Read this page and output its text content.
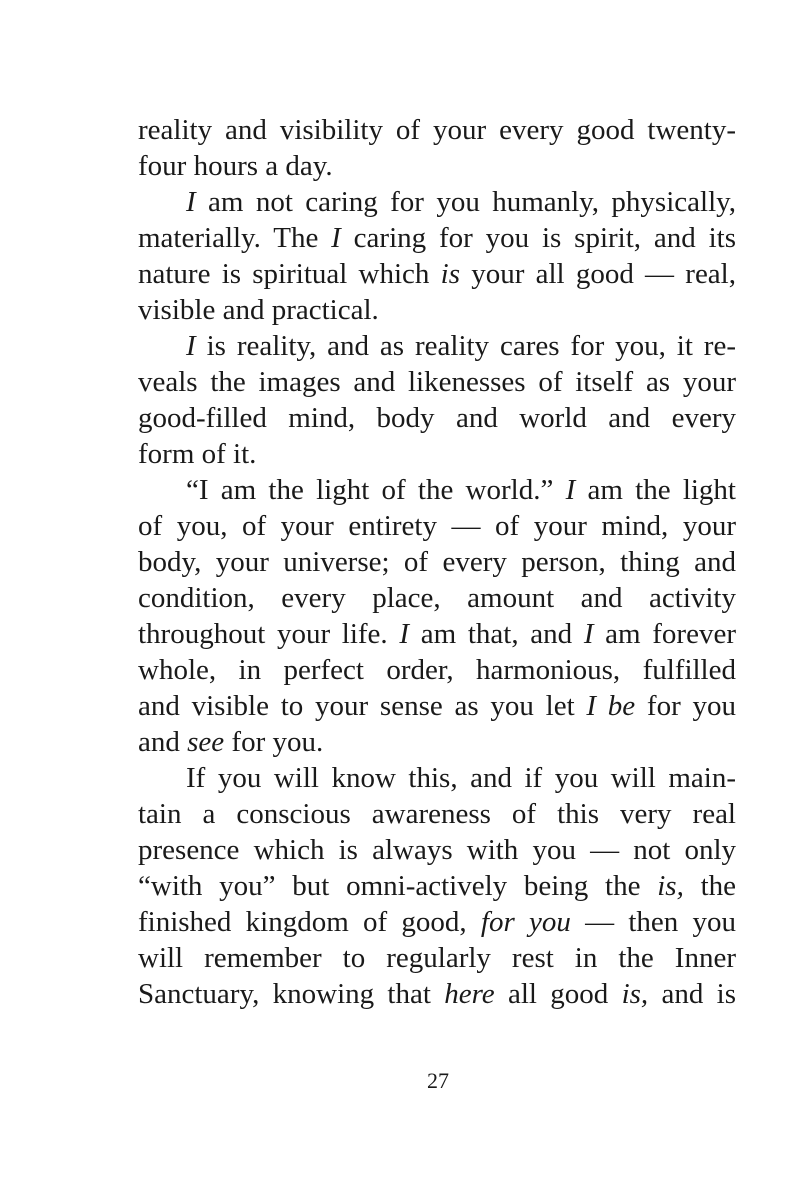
reality and visibility of your every good twenty-
four hours a day.
I am not caring for you humanly, physically,
materially. The I caring for you is spirit, and its
nature is spiritual which is your all good — real,
visible and practical.
I is reality, and as reality cares for you, it re-
veals the images and likenesses of itself as your
good-filled mind, body and world and every
form of it.
“I am the light of the world.” I am the light
of you, of your entirety — of your mind, your
body, your universe; of every person, thing and
condition, every place, amount and activity
throughout your life. I am that, and I am forever
whole, in perfect order, harmonious, fulfilled
and visible to your sense as you let I be for you
and see for you.
If you will know this, and if you will main-
tain a conscious awareness of this very real
presence which is always with you — not only
“with you” but omni-actively being the is, the
finished kingdom of good, for you — then you
will remember to regularly rest in the Inner
Sanctuary, knowing that here all good is, and is
27
